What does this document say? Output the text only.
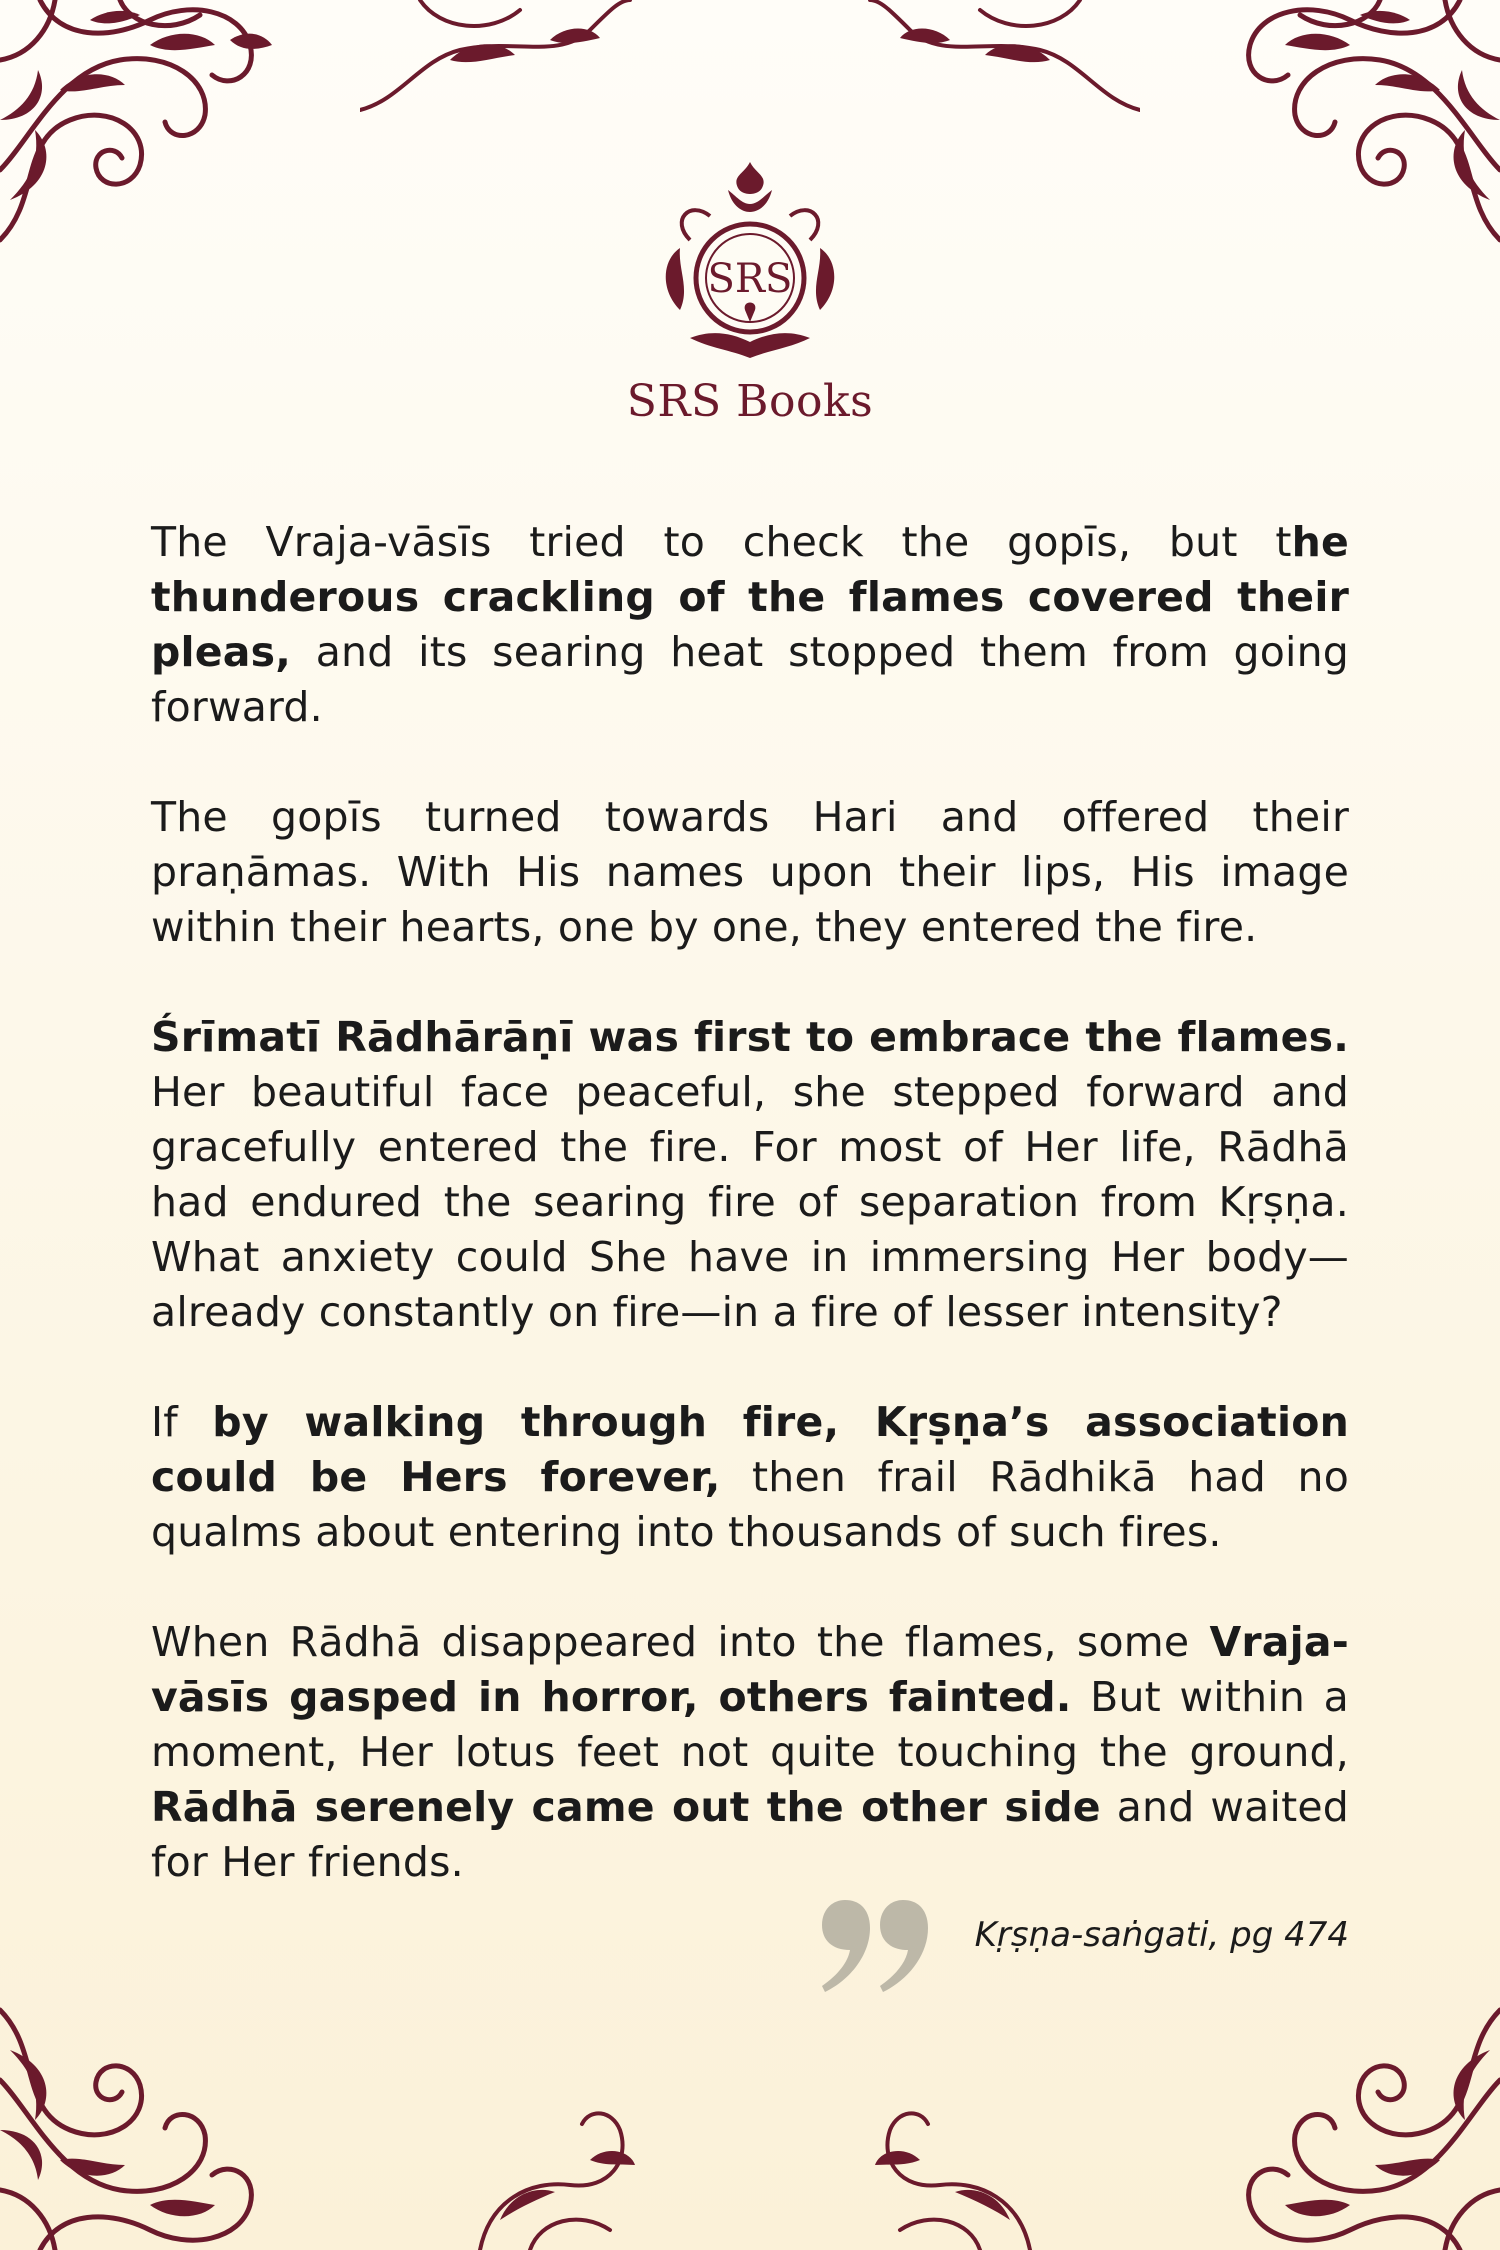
SRS
SRS Books

The Vraja-vāsīs tried to check the gopīs, but the thunderous crackling of the flames covered their pleas, and its searing heat stopped them from going forward.

The gopīs turned towards Hari and offered their praṇāmas. With His names upon their lips, His image within their hearts, one by one, they entered the fire.

Śrīmatī Rādhārāṇī was first to embrace the flames. Her beautiful face peaceful, she stepped forward and gracefully entered the fire. For most of Her life, Rādhā had endured the searing fire of separation from Kṛṣṇa. What anxiety could She have in immersing Her body—already constantly on fire—in a fire of lesser intensity?

If by walking through fire, Kṛṣṇa’s association could be Hers forever, then frail Rādhikā had no qualms about entering into thousands of such fires.

When Rādhā disappeared into the flames, some Vraja-vāsīs gasped in horror, others fainted. But within a moment, Her lotus feet not quite touching the ground, Rādhā serenely came out the other side and waited for Her friends.

Kṛṣṇa-saṅgati, pg 474
